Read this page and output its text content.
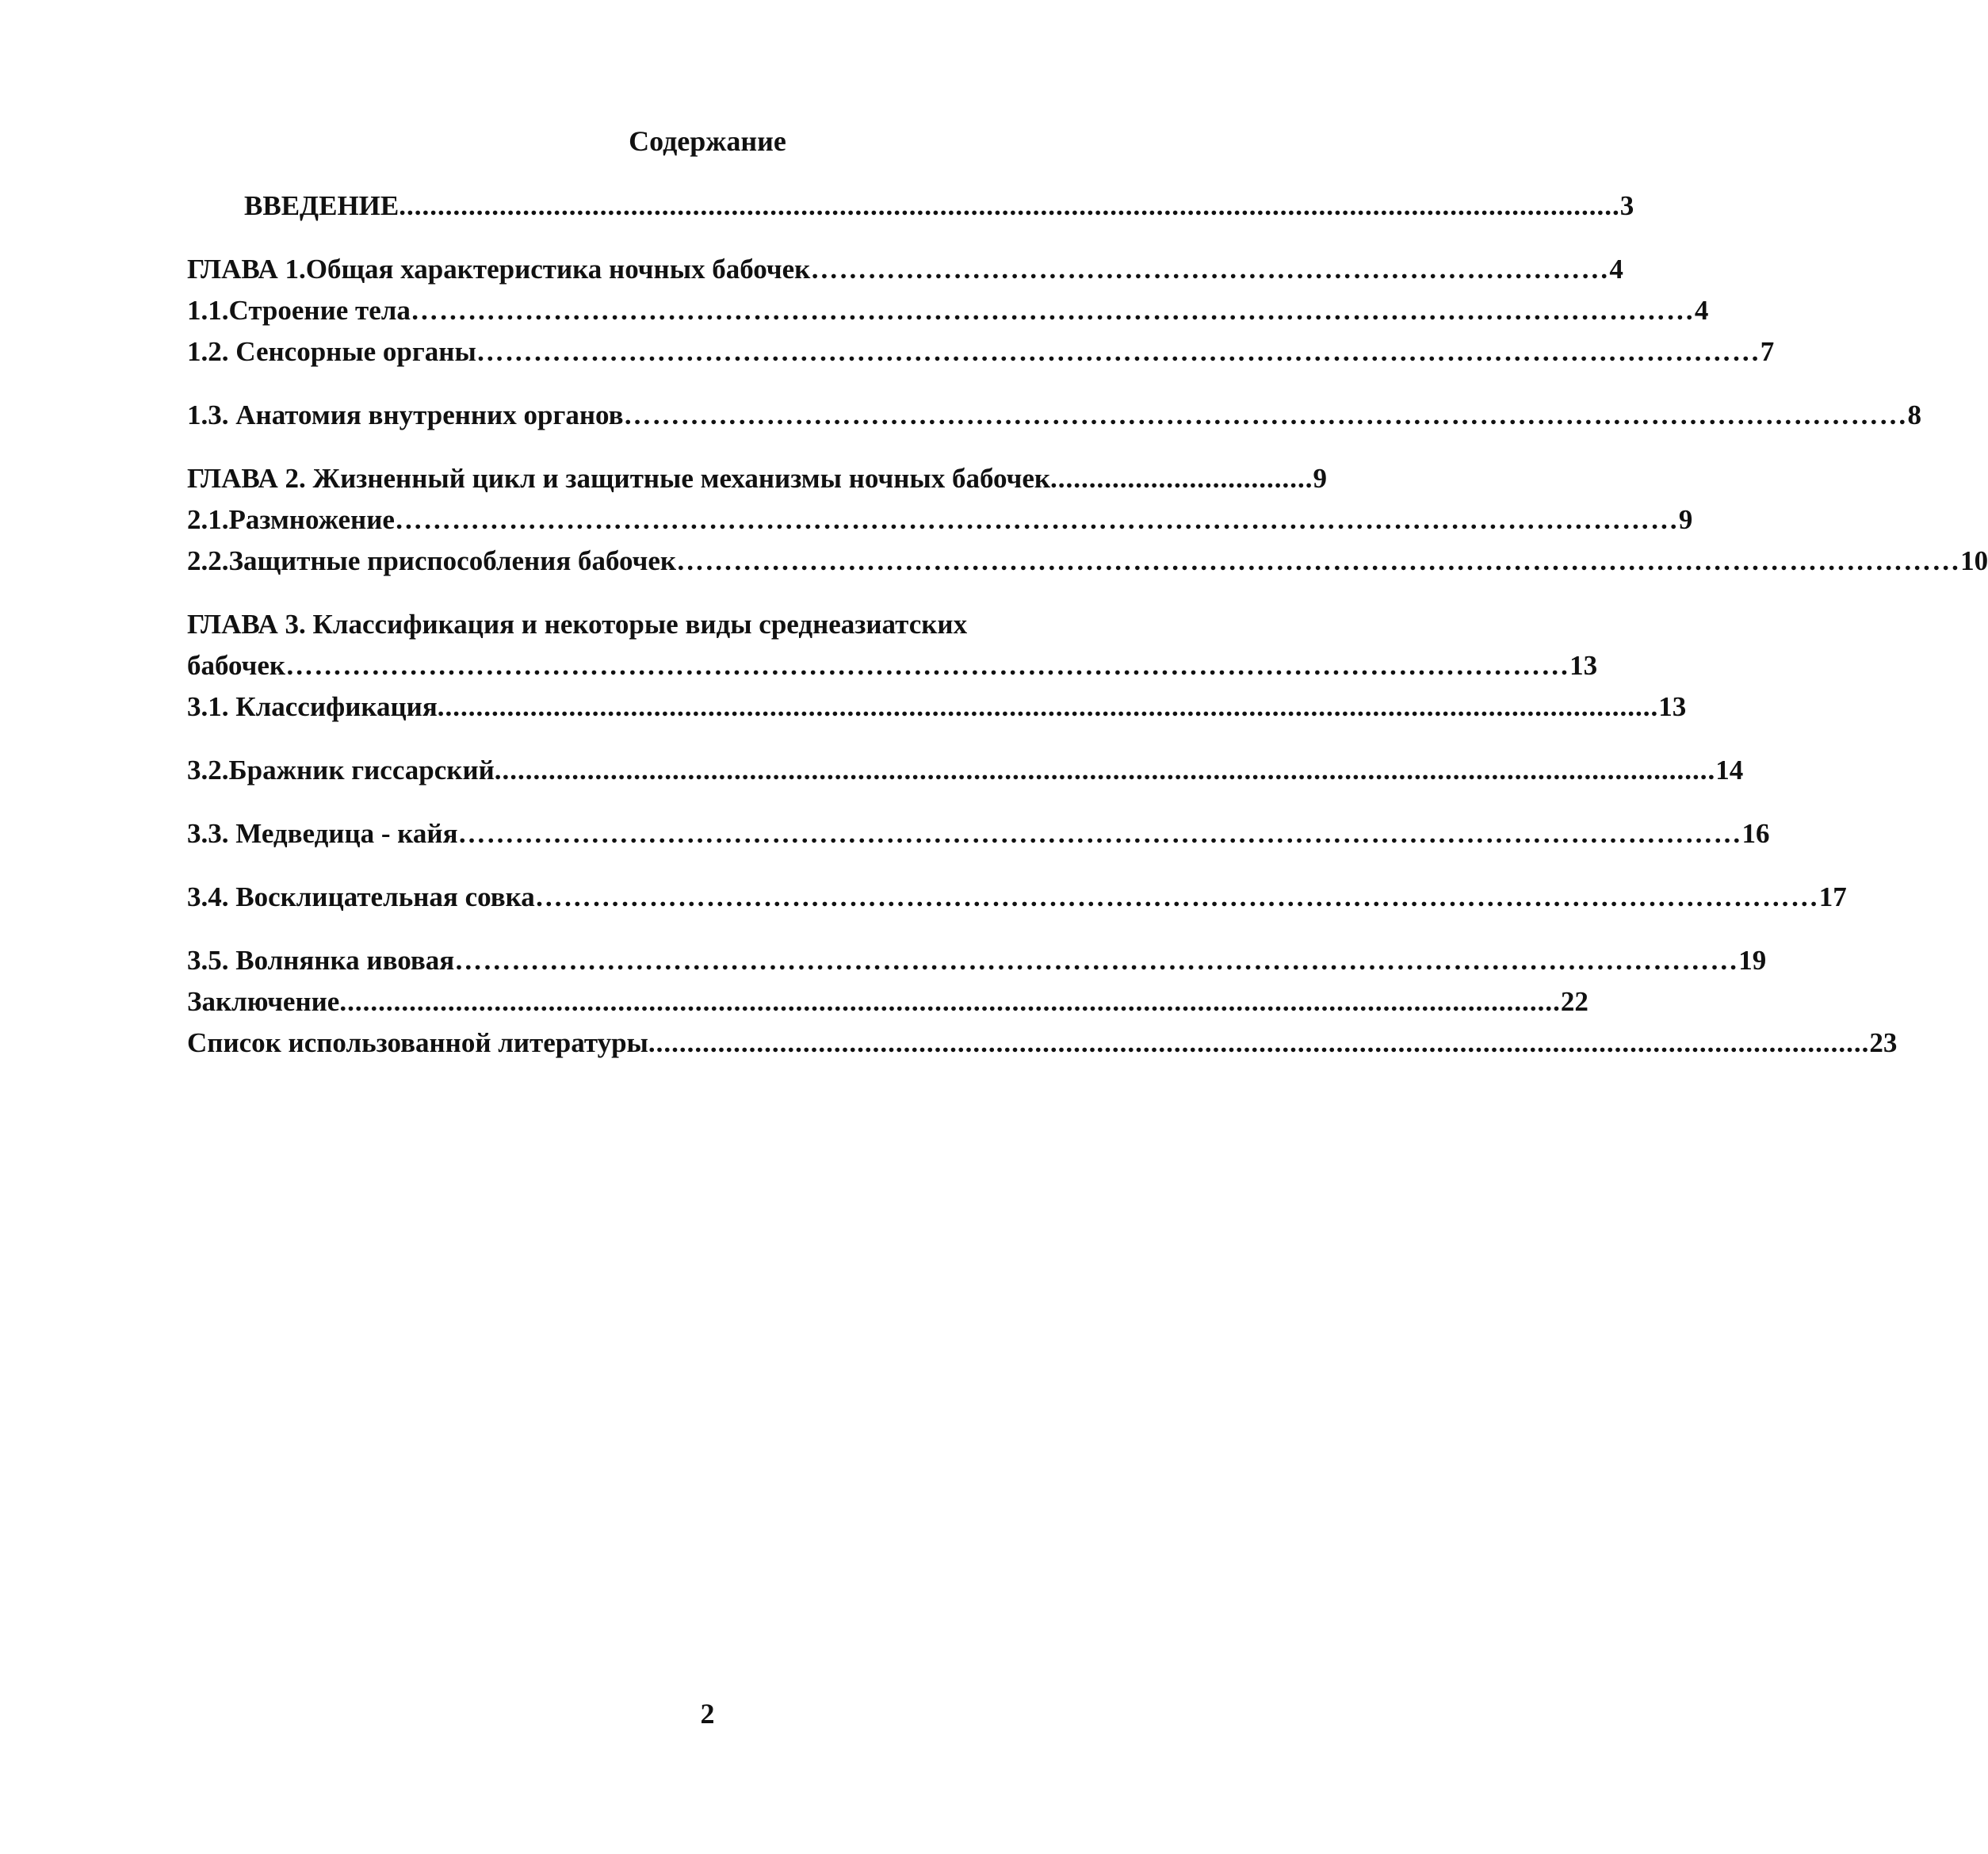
Содержание
ВВЕДЕНИЕ .............................................................................................................................................................. 3
ГЛАВА 1.Общая характеристика ночных бабочек ………………………………………………………………………… 4
1.1.Строение тела ……………………………………………………………………………………………………………………… 4
1.2. Сенсорные органы ……………………………………………………………………………………………………………………… 7
1.3. Анатомия внутренних органов ……………………………………………………………………………………………………………………… 8
ГЛАВА 2. Жизненный цикл и защитные механизмы ночных бабочек .................................. 9
2.1.Размножение ……………………………………………………………………………………………………………………… 9
2.2.Защитные приспособления бабочек ……………………………………………………………………………………………………………………… 10
ГЛАВА 3. Классификация и некоторые виды среднеазиатских
бабочек ……………………………………………………………………………………………………………………… 13
3.1. Классификация .............................................................................................................................................................. 13
3.2.Бражник гиссарский .............................................................................................................................................................. 14
3.3. Медведица - кайя ……………………………………………………………………………………………………………………… 16
3.4. Восклицательная совка ……………………………………………………………………………………………………………………… 17
3.5. Волнянка ивовая ……………………………………………………………………………………………………………………… 19
Заключение .............................................................................................................................................................. 22
Список использованной литературы .............................................................................................................................................................. 23
2
